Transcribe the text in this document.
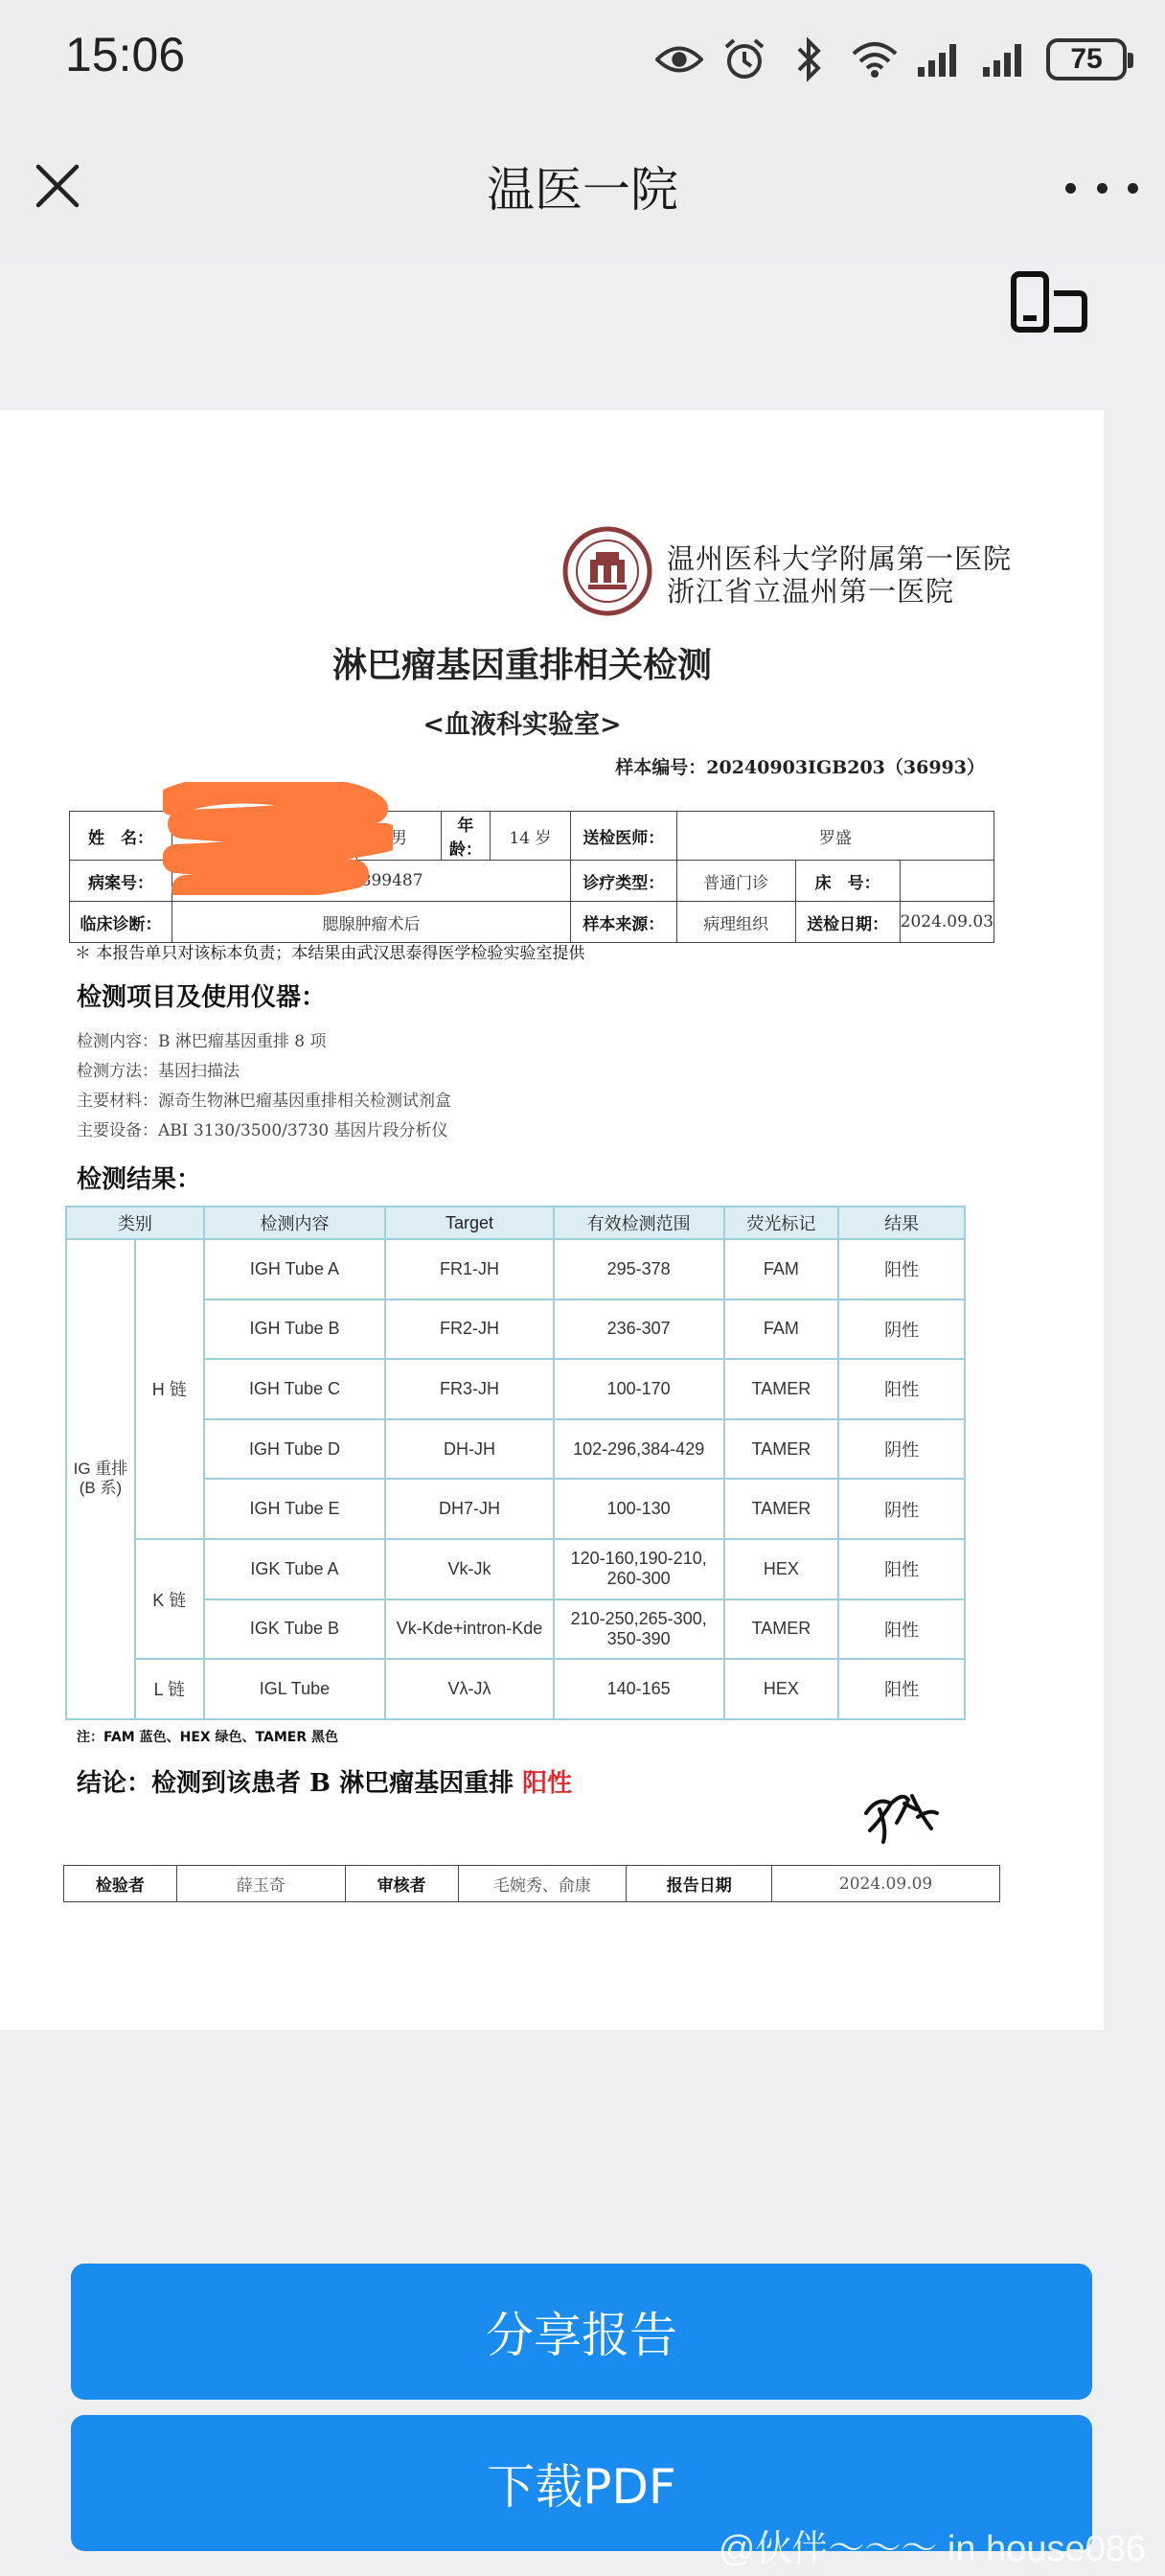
15:06	75
温医一院
温州医科大学附属第一医院
浙江省立温州第一医院
淋巴瘤基因重排相关检测
<血液科实验室>
样本编号：20240903IGB203（36993）
姓　名：		男	年　龄：	14 岁	送检医师：	罗盛		
病案号：	0014899487				诊疗类型：	普通门诊	床　号：	
临床诊断：	腮腺肿瘤术后				样本来源：	病理组织	送检日期：	2024.09.03
＊ 本报告单只对该标本负责；本结果由武汉思泰得医学检验实验室提供
检测项目及使用仪器：
检测内容：B 淋巴瘤基因重排 8 项
检测方法：基因扫描法
主要材料：源奇生物淋巴瘤基因重排相关检测试剂盒
主要设备：ABI 3130/3500/3730 基因片段分析仪
检测结果：
类别		检测内容	Target	有效检测范围	荧光标记	结果
IG 重排(B 系)	H 链	IGH Tube A	FR1-JH	295-378	FAM	阳性
		IGH Tube B	FR2-JH	236-307	FAM	阴性
		IGH Tube C	FR3-JH	100-170	TAMER	阳性
		IGH Tube D	DH-JH	102-296,384-429	TAMER	阴性
		IGH Tube E	DH7-JH	100-130	TAMER	阴性
	K 链	IGK Tube A	Vk-Jk	120-160,190-210, 260-300	HEX	阳性
		IGK Tube B	Vk-Kde+intron-Kde	210-250,265-300, 350-390	TAMER	阳性
	L 链	IGL Tube	Vλ-Jλ	140-165	HEX	阳性
注：FAM 蓝色、HEX 绿色、TAMER 黑色
结论：检测到该患者 B 淋巴瘤基因重排 阳性
检验者	薛玉奇	审核者	毛婉秀、俞康	报告日期	2024.09.09
分享报告
下载PDF
@伙伴～～～ in house086
